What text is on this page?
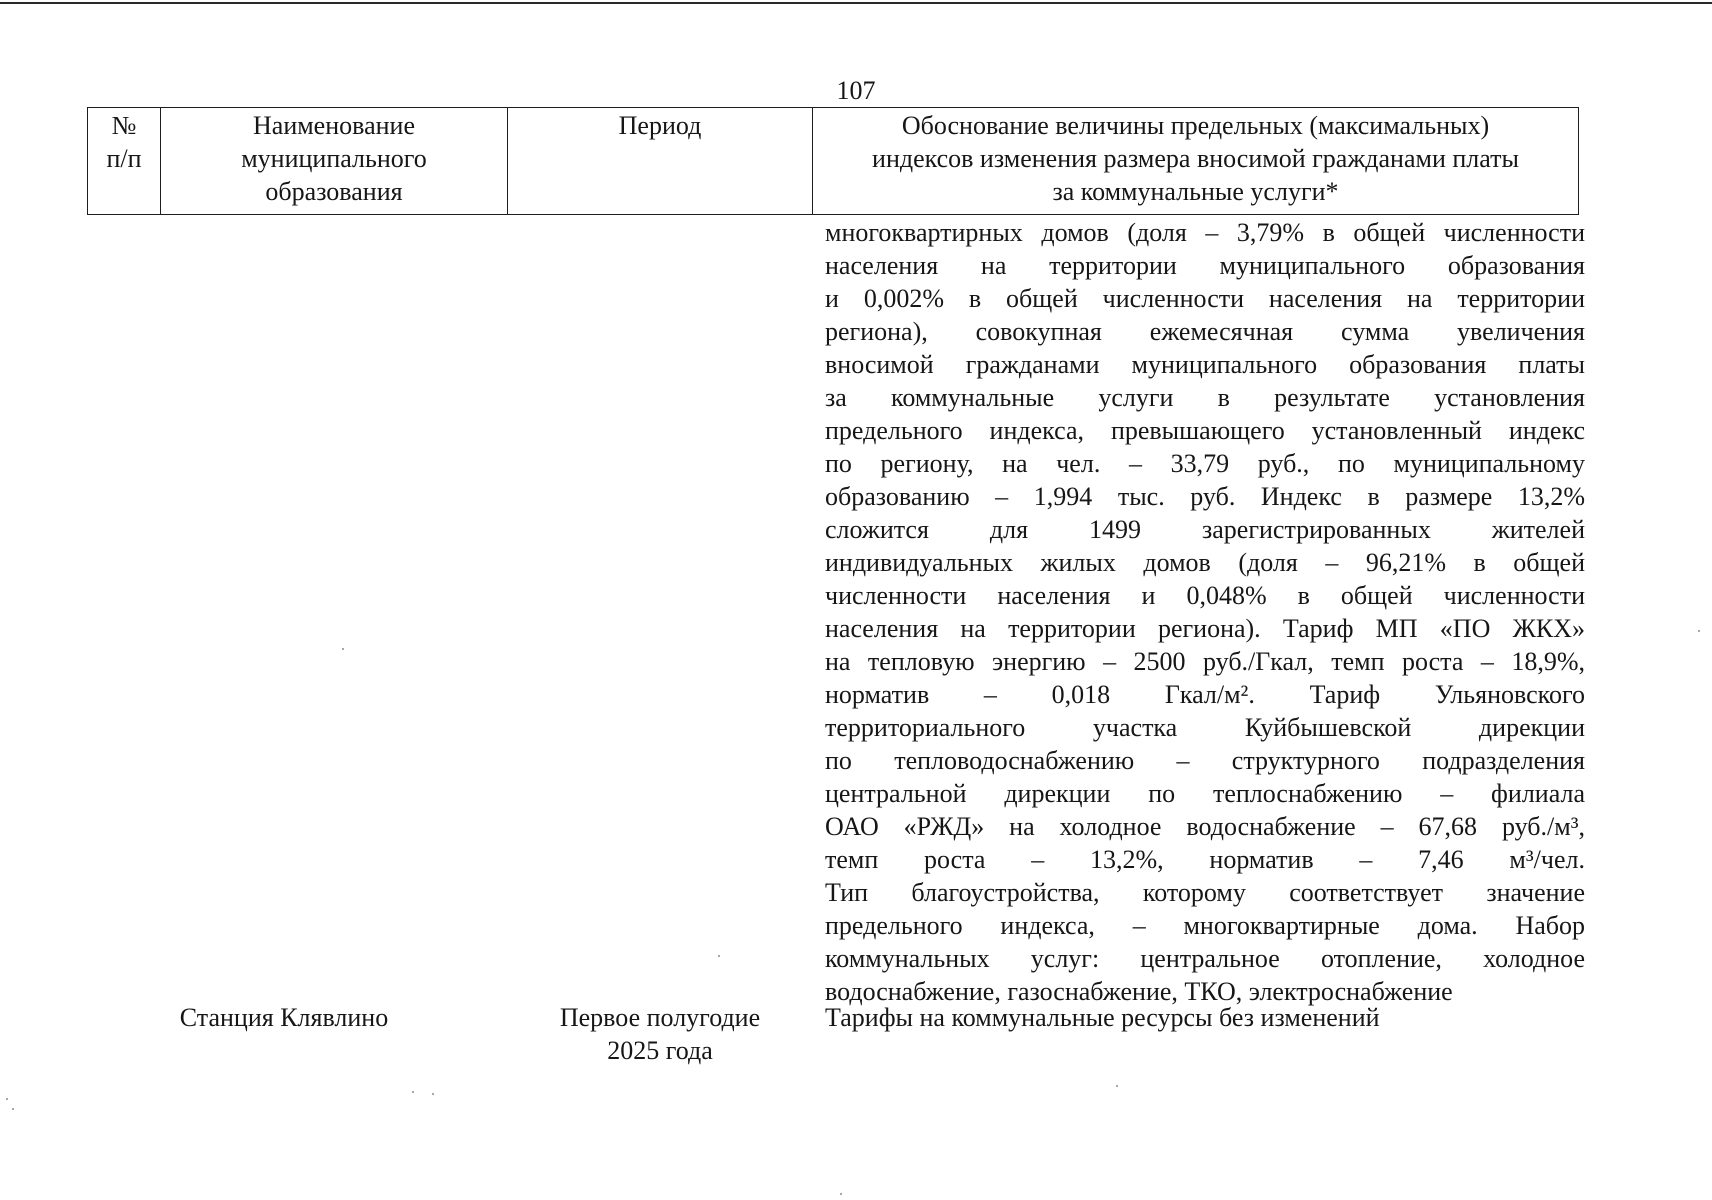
107
№
п/п
Наименование
муниципального
образования
Период	Обоснование величины предельных (максимальных)
индексов изменения размера вносимой гражданами платы
за коммунальные услуги*

многоквартирных домов (доля – 3,79% в общей численности

населения на территории муниципального образования

и 0,002% в общей численности населения на территории

региона), совокупная ежемесячная сумма увеличения

вносимой гражданами муниципального образования платы

за коммунальные услуги в результате установления

предельного индекса, превышающего установленный индекс

по региону, на чел. – 33,79 руб., по муниципальному

образованию – 1,994 тыс. руб. Индекс в размере 13,2%

сложится для 1499 зарегистрированных жителей

индивидуальных жилых домов (доля – 96,21% в общей

численности населения и 0,048% в общей численности

населения на территории региона). Тариф МП «ПО ЖКХ»

на тепловую энергию – 2500 руб./Гкал, темп роста – 18,9%,

норматив – 0,018 Гкал/м². Тариф Ульяновского

территориального участка Куйбышевской дирекции

по тепловодоснабжению – структурного подразделения

центральной дирекции по теплоснабжению – филиала

ОАО «РЖД» на холодное водоснабжение – 67,68 руб./м³,

темп роста – 13,2%, норматив – 7,46 м³/чел.

Тип благоустройства, которому соответствует значение

предельного индекса, – многоквартирные дома. Набор

коммунальных услуг: центральное отопление, холодное

водоснабжение, газоснабжение, ТКО, электроснабжение

Станция Клявлино	Первое полугодие
2025 года
Тарифы на коммунальные ресурсы без изменений
